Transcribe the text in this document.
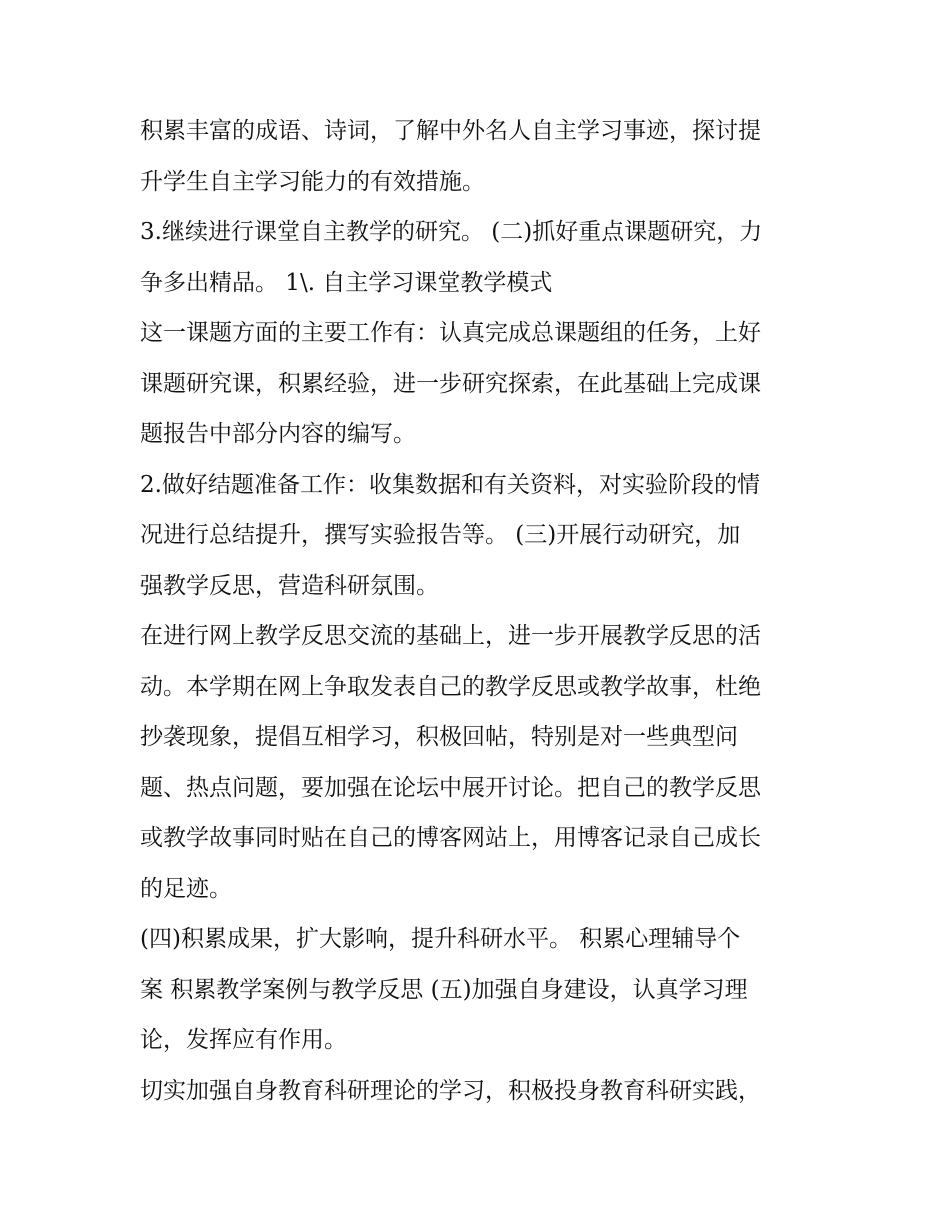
积累丰富的成语、诗词，了解中外名人自主学习事迹，探讨提
升学生自主学习能力的有效措施。
3.继续进行课堂自主教学的研究。 (二)抓好重点课题研究，力
争多出精品。 1\. 自主学习课堂教学模式
这一课题方面的主要工作有：认真完成总课题组的任务，上好
课题研究课，积累经验，进一步研究探索，在此基础上完成课
题报告中部分内容的编写。
2.做好结题准备工作：收集数据和有关资料，对实验阶段的情
况进行总结提升，撰写实验报告等。 (三)开展行动研究，加
强教学反思，营造科研氛围。
在进行网上教学反思交流的基础上，进一步开展教学反思的活
动。本学期在网上争取发表自己的教学反思或教学故事，杜绝
抄袭现象，提倡互相学习，积极回帖，特别是对一些典型问
题、热点问题，要加强在论坛中展开讨论。把自己的教学反思
或教学故事同时贴在自己的博客网站上，用博客记录自己成长
的足迹。
(四)积累成果，扩大影响，提升科研水平。 积累心理辅导个
案 积累教学案例与教学反思 (五)加强自身建设，认真学习理
论，发挥应有作用。
切实加强自身教育科研理论的学习，积极投身教育科研实践，
